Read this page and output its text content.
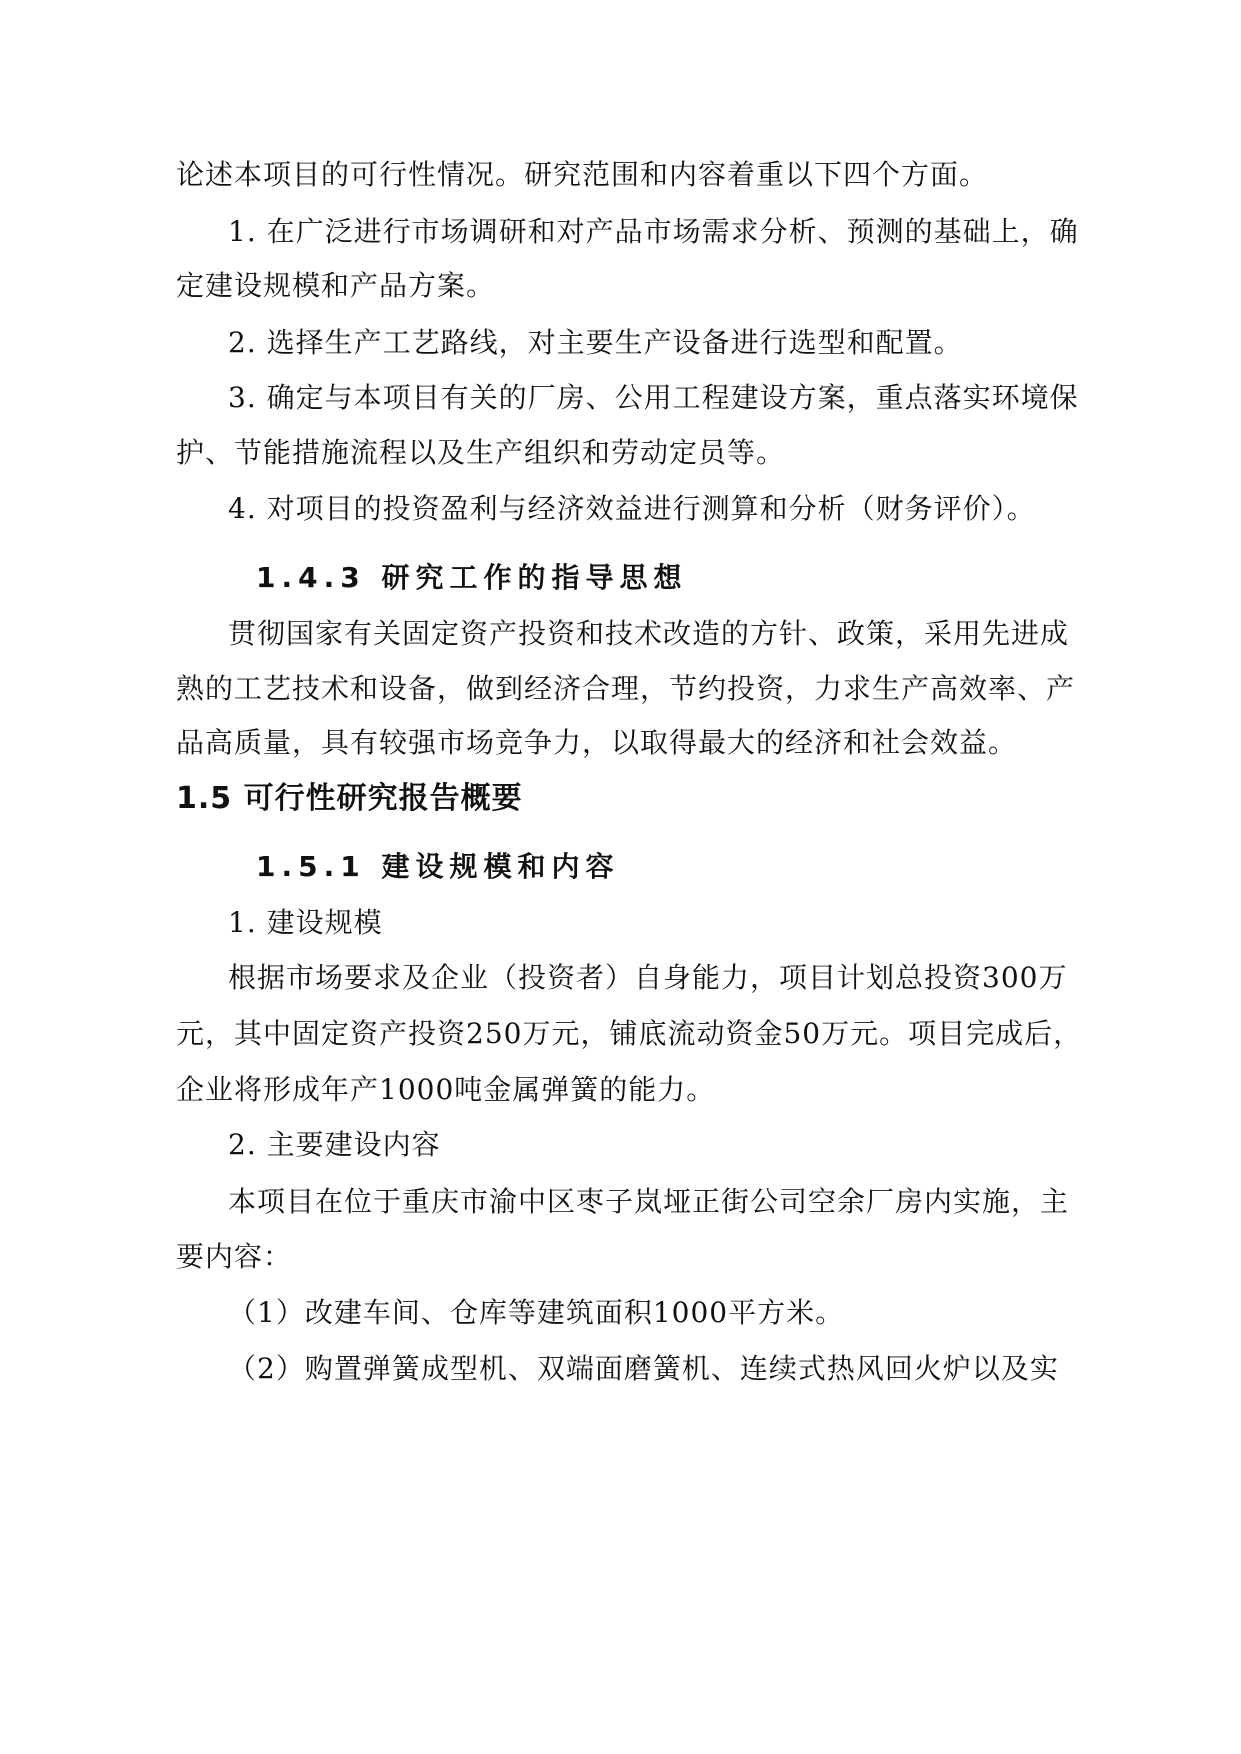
论述本项目的可行性情况。研究范围和内容着重以下四个方面。
1. 在广泛进行市场调研和对产品市场需求分析、预测的基础上，确
定建设规模和产品方案。
2. 选择生产工艺路线，对主要生产设备进行选型和配置。
3. 确定与本项目有关的厂房、公用工程建设方案，重点落实环境保
护、节能措施流程以及生产组织和劳动定员等。
4. 对项目的投资盈利与经济效益进行测算和分析（财务评价）。
1.4.3 研究工作的指导思想
贯彻国家有关固定资产投资和技术改造的方针、政策，采用先进成
熟的工艺技术和设备，做到经济合理，节约投资，力求生产高效率、产
品高质量，具有较强市场竞争力，以取得最大的经济和社会效益。
1.5 可行性研究报告概要
1.5.1 建设规模和内容
1. 建设规模
根据市场要求及企业（投资者）自身能力，项目计划总投资300万
元，其中固定资产投资250万元，铺底流动资金50万元。项目完成后，
企业将形成年产1000吨金属弹簧的能力。
2. 主要建设内容
本项目在位于重庆市渝中区枣子岚垭正街公司空余厂房内实施，主
要内容：
（1）改建车间、仓库等建筑面积1000平方米。
（2）购置弹簧成型机、双端面磨簧机、连续式热风回火炉以及实
